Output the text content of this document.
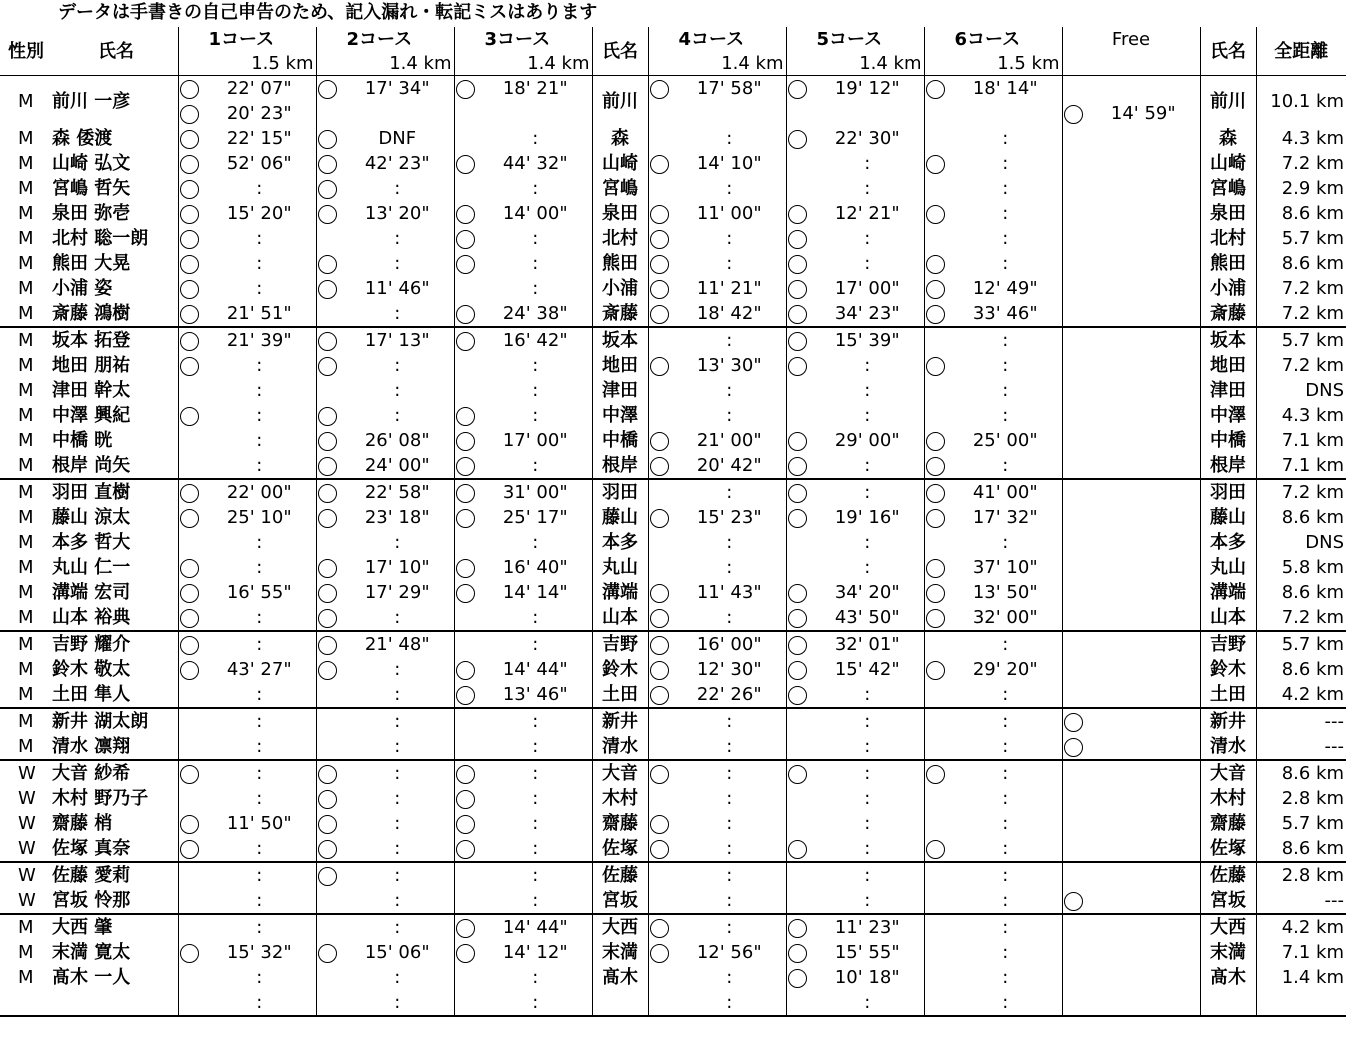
データは手書きの自己申告のため、記入漏れ・転記ミスはあります
性別	氏名	1コース		2コース		3コース		氏名	4コース		5コース		6コース		Free		氏名	全距離
		1.5 km		1.4 km		1.4 km			1.4 km		1.4 km		1.5 km					
M	前川 一彦		22' 07"		17' 34"		18' 21"	前川		17' 58"		19' 12"		18' 14"			前川	10.1 km
			20' 23"													14' 59"		
M	森 倭渡		22' 15"		DNF		:	森		:		22' 30"		:			森	4.3 km
M	山崎 弘文		52' 06"		42' 23"		44' 32"	山崎		14' 10"		:		:			山崎	7.2 km
M	宮嶋 哲矢		:		:		:	宮嶋		:		:		:			宮嶋	2.9 km
M	泉田 弥壱		15' 20"		13' 20"		14' 00"	泉田		11' 00"		12' 21"		:			泉田	8.6 km
M	北村 聡一朗		:		:		:	北村		:		:		:			北村	5.7 km
M	熊田 大晃		:		:		:	熊田		:		:		:			熊田	8.6 km
M	小浦 姿		:		11' 46"		:	小浦		11' 21"		17' 00"		12' 49"			小浦	7.2 km
M	斎藤 鴻樹		21' 51"		:		24' 38"	斎藤		18' 42"		34' 23"		33' 46"			斎藤	7.2 km
M	坂本 拓登		21' 39"		17' 13"		16' 42"	坂本		:		15' 39"		:			坂本	5.7 km
M	地田 朋祐		:		:		:	地田		13' 30"		:		:			地田	7.2 km
M	津田 幹太		:		:		:	津田		:		:		:			津田	DNS
M	中澤 興紀		:		:		:	中澤		:		:		:			中澤	4.3 km
M	中橋 晄		:		26' 08"		17' 00"	中橋		21' 00"		29' 00"		25' 00"			中橋	7.1 km
M	根岸 尚矢		:		24' 00"		:	根岸		20' 42"		:		:			根岸	7.1 km
M	羽田 直樹		22' 00"		22' 58"		31' 00"	羽田		:		:		41' 00"			羽田	7.2 km
M	藤山 涼太		25' 10"		23' 18"		25' 17"	藤山		15' 23"		19' 16"		17' 32"			藤山	8.6 km
M	本多 哲大		:		:		:	本多		:		:		:			本多	DNS
M	丸山 仁一		:		17' 10"		16' 40"	丸山		:		:		37' 10"			丸山	5.8 km
M	溝端 宏司		16' 55"		17' 29"		14' 14"	溝端		11' 43"		34' 20"		13' 50"			溝端	8.6 km
M	山本 裕典		:		:		:	山本		:		43' 50"		32' 00"			山本	7.2 km
M	吉野 耀介		:		21' 48"		:	吉野		16' 00"		32' 01"		:			吉野	5.7 km
M	鈴木 敬太		43' 27"		:		14' 44"	鈴木		12' 30"		15' 42"		29' 20"			鈴木	8.6 km
M	土田 隼人		:		:		13' 46"	土田		22' 26"		:		:			土田	4.2 km
M	新井 湖太朗		:		:		:	新井		:		:		:			新井	---
M	清水 凛翔		:		:		:	清水		:		:		:			清水	---
W	大音 紗希		:		:		:	大音		:		:		:			大音	8.6 km
W	木村 野乃子		:		:		:	木村		:		:		:			木村	2.8 km
W	齋藤 梢		11' 50"		:		:	齋藤		:		:		:			齋藤	5.7 km
W	佐塚 真奈		:		:		:	佐塚		:		:		:			佐塚	8.6 km
W	佐藤 愛莉		:		:		:	佐藤		:		:		:			佐藤	2.8 km
W	宮坂 怜那		:		:		:	宮坂		:		:		:			宮坂	---
M	大西 肇		:		:		14' 44"	大西		:		11' 23"		:			大西	4.2 km
M	末満 寛太		15' 32"		15' 06"		14' 12"	末満		12' 56"		15' 55"		:			末満	7.1 km
M	髙木 一人		:		:		:	髙木		:		10' 18"		:			髙木	1.4 km
			:		:		:			:		:		:				
